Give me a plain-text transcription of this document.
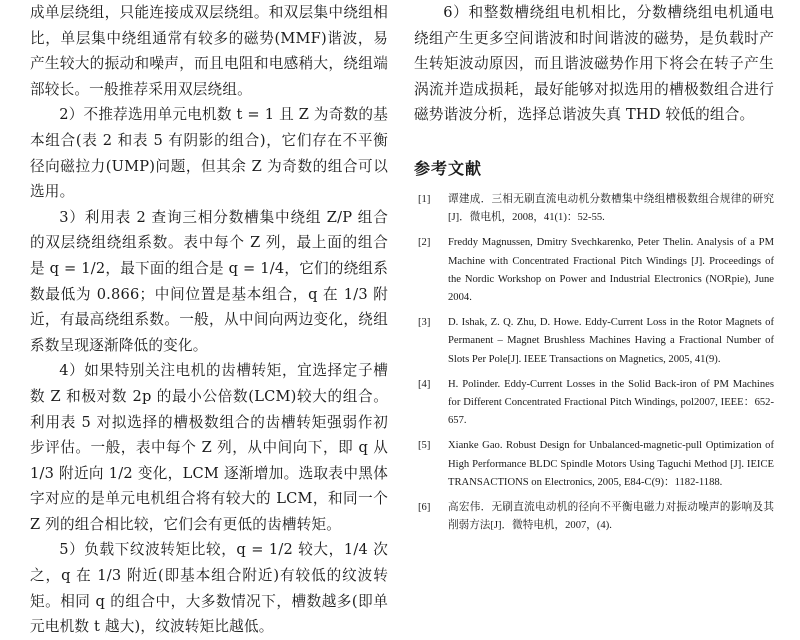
成单层绕组，只能连接成双层绕组。和双层集中绕组相比，单层集中绕组通常有较多的磁势(MMF)谐波，易产生较大的振动和噪声，而且电阻和电感稍大，绕组端部较长。一般推荐采用双层绕组。

2）不推荐选用单元电机数 t = 1 且 Z 为奇数的基本组合(表 2 和表 5 有阴影的组合)，它们存在不平衡径向磁拉力(UMP)问题，但其余 Z 为奇数的组合可以选用。

3）利用表 2 查询三相分数槽集中绕组 Z/P 组合的双层绕组绕组系数。表中每个 Z 列，最上面的组合是 q = 1/2，最下面的组合是 q = 1/4，它们的绕组系数最低为 0.866；中间位置是基本组合，q 在 1/3 附近，有最高绕组系数。一般，从中间向两边变化，绕组系数呈现逐渐降低的变化。

4）如果特别关注电机的齿槽转矩，宜选择定子槽数 Z 和极对数 2p 的最小公倍数(LCM)较大的组合。利用表 5 对拟选择的槽极数组合的齿槽转矩强弱作初步评估。一般，表中每个 Z 列，从中间向下，即 q 从 1/3 附近向 1/2 变化，LCM 逐渐增加。选取表中黑体字对应的是单元电机组合将有较大的 LCM，和同一个 Z 列的组合相比较，它们会有更低的齿槽转矩。

5）负载下纹波转矩比较，q = 1/2 较大，1/4 次之，q 在 1/3 附近(即基本组合附近)有较低的纹波转矩。相同 q 的组合中，大多数情况下，槽数越多(即单元电机数 t 越大)，纹波转矩比越低。

6）和整数槽绕组电机相比，分数槽绕组电机通电绕组产生更多空间谐波和时间谐波的磁势，是负载时产生转矩波动原因，而且谐波磁势作用下将会在转子产生涡流并造成损耗，最好能够对拟选用的槽极数组合进行磁势谐波分析，选择总谐波失真 THD 较低的组合。

参考文献
[1]	谭建成．三相无刷直流电动机分数槽集中绕组槽极数组合规律的研究[J]．微电机，2008，41(1)：52-55.
[2]	Freddy Magnussen, Dmitry Svechkarenko, Peter Thelin. Analysis of a PM Machine with Concentrated Fractional Pitch Windings [J]. Proceedings of the Nordic Workshop on Power and Industrial Electronics (NORpie), June 2004.
[3]	D. Ishak, Z. Q. Zhu, D. Howe. Eddy-Current Loss in the Rotor Magnets of Permanent – Magnet Brushless Machines Having a Fractional Number of Slots Per Pole[J]. IEEE Transactions on Magnetics, 2005, 41(9).
[4]	H. Polinder. Eddy-Current Losses in the Solid Back-iron of PM Machines for Different Concentrated Fractional Pitch Windings, pol2007, IEEE：652-657.
[5]	Xianke Gao. Robust Design for Unbalanced-magnetic-pull Optimization of High Performance BLDC Spindle Motors Using Taguchi Method [J]. IEICE TRANSACTIONS on Electronics, 2005, E84-C(9)：1182-1188.
[6]	高宏伟．无刷直流电动机的径向不平衡电磁力对振动噪声的影响及其削弱方法[J]．微特电机，2007，(4).
